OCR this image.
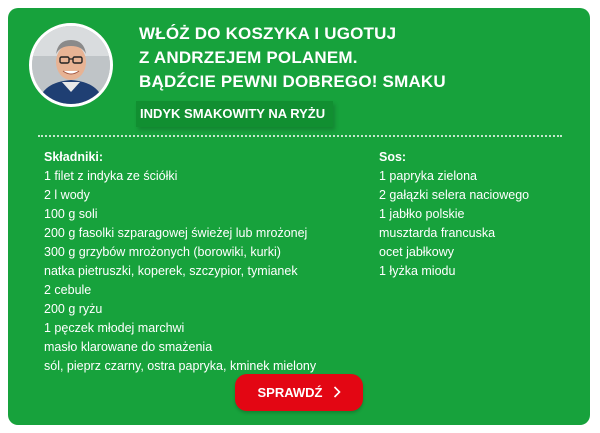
WŁÓŻ DO KOSZYKA I UGOTUJ
Z ANDRZEJEM POLANEM.
BĄDŹCIE PEWNI DOBREGO! SMAKU
INDYK SMAKOWITY NA RYŻU
Składniki:
1 filet z indyka ze ściółki
2 l wody
100 g soli
200 g fasolki szparagowej świeżej lub mrożonej
300 g grzybów mrożonych (borowiki, kurki)
natka pietruszki, koperek, szczypior, tymianek
2 cebule
200 g ryżu
1 pęczek młodej marchwi
masło klarowane do smażenia
sól, pieprz czarny, ostra papryka, kminek mielony
Sos:
1 papryka zielona
2 gałązki selera naciowego
1 jabłko polskie
musztarda francuska
ocet jabłkowy
1 łyżka miodu
SPRAWDŹ
